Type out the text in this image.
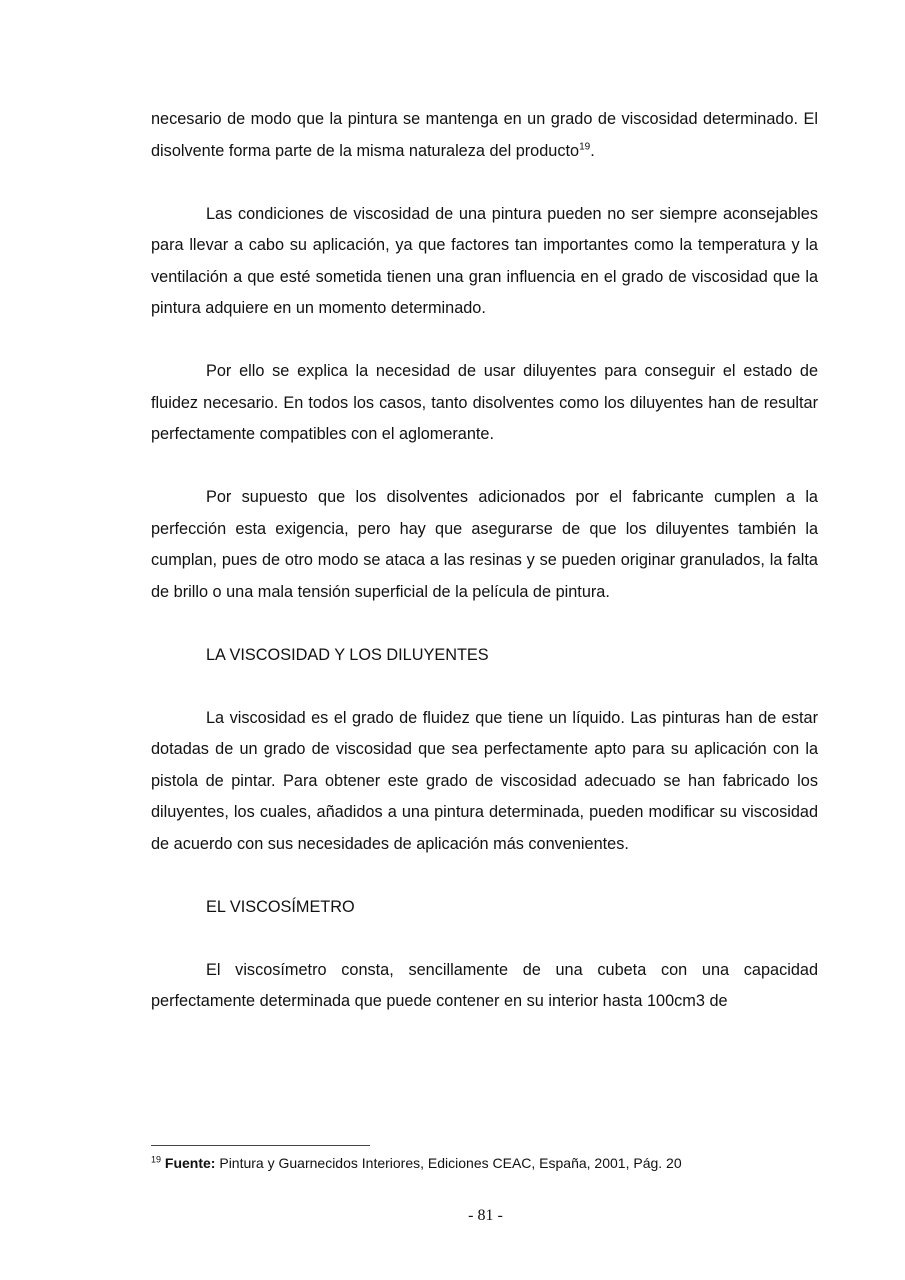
necesario de modo que la pintura se mantenga en un grado de viscosidad determinado. El disolvente forma parte de la misma naturaleza del producto$^{19}$.

Las condiciones de viscosidad de una pintura pueden no ser siempre aconsejables para llevar a cabo su aplicación, ya que factores tan importantes como la temperatura y la ventilación a que esté sometida tienen una gran influencia en el grado de viscosidad que la pintura adquiere en un momento determinado.

Por ello se explica la necesidad de usar diluyentes para conseguir el estado de fluidez necesario. En todos los casos, tanto disolventes como los diluyentes han de resultar perfectamente compatibles con el aglomerante.

Por supuesto que los disolventes adicionados por el fabricante cumplen a la perfección esta exigencia, pero hay que asegurarse de que los diluyentes también la cumplan, pues de otro modo se ataca a las resinas y se pueden originar granulados, la falta de brillo o una mala tensión superficial de la película de pintura.

LA VISCOSIDAD Y LOS DILUYENTES

La viscosidad es el grado de fluidez que tiene un líquido. Las pinturas han de estar dotadas de un grado de viscosidad que sea perfectamente apto para su aplicación con la pistola de pintar. Para obtener este grado de viscosidad adecuado se han fabricado los diluyentes, los cuales, añadidos a una pintura determinada, pueden modificar su viscosidad de acuerdo con sus necesidades de aplicación más convenientes.

EL VISCOSÍMETRO

El viscosímetro consta, sencillamente de una cubeta con una capacidad perfectamente determinada que puede contener en su interior hasta 100cm3 de

$^{19}$ Fuente: Pintura y Guarnecidos Interiores, Ediciones CEAC, España, 2001, Pág. 20
- 81 -
